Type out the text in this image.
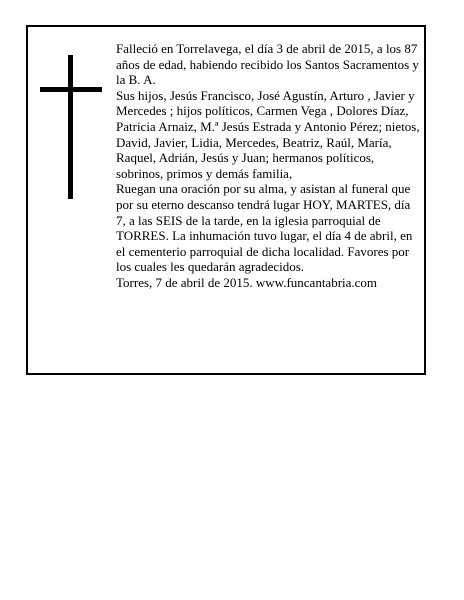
Falleció en Torrelavega, el día 3 de abril de 2015, a los 87 años de edad, habiendo recibido los Santos Sacramentos y la B. A.

Sus hijos, Jesús Francisco, José Agustín, Arturo , Javier y Mercedes ; hijos políticos, Carmen Vega , Dolores Díaz, Patricia Arnaiz, M.ª Jesús Estrada y Antonio Pérez; nietos, David, Javier, Lidia, Mercedes, Beatriz, Raúl, María, Raquel, Adrián, Jesús y Juan; hermanos políticos, sobrinos, primos y demás familia,

Ruegan una oración por su alma, y asistan al funeral que por su eterno descanso tendrá lugar HOY, MARTES, día 7, a las SEIS de la tarde, en la iglesia parroquial de TORRES. La inhumación tuvo lugar, el día 4 de abril, en el cementerio parroquial de dicha localidad. Favores por los cuales les quedarán agradecidos.

Torres, 7 de abril de 2015. www.funcantabria.com
